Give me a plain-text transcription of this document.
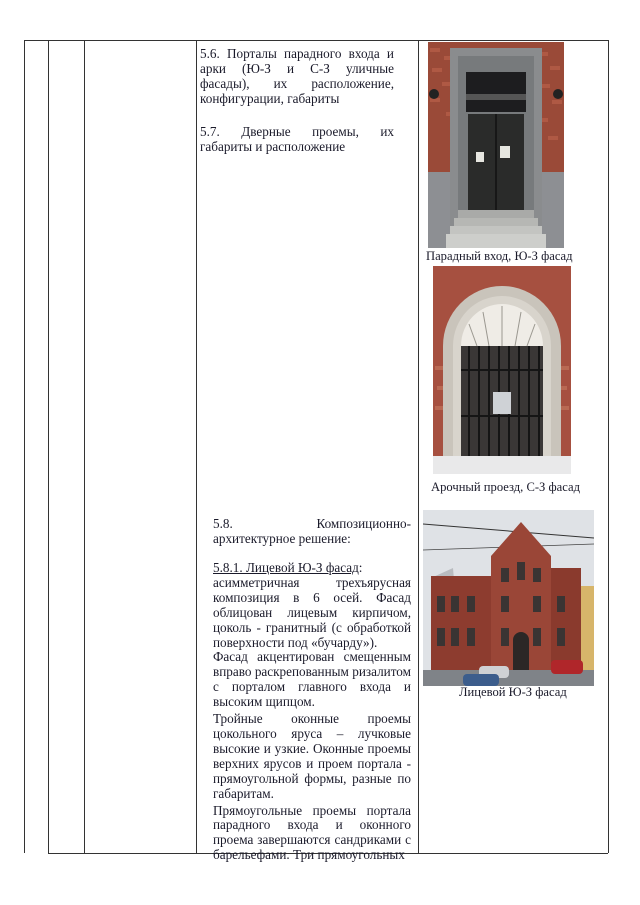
5.6. Порталы парадного входа и арки (Ю-З и С-З уличные фасады), их расположение, конфигурации, габариты
5.7. Дверные проемы, их габариты и расположение
5.8. Композиционно-архитектурное решение:
5.8.1. Лицевой Ю-З фасад:
асимметричная трехъярусная композиция в 6 осей. Фасад облицован лицевым кирпичом, цоколь - гранитный (с обработкой поверхности под «бучарду»).
Фасад акцентирован смещенным вправо раскрепованным ризалитом с порталом главного входа и высоким щипцом.
Тройные оконные проемы цокольного яруса – лучковые высокие и узкие. Оконные проемы верхних ярусов и проем портала - прямоугольной формы, разные по габаритам.
Прямоугольные проемы портала парадного входа и оконного проема завершаются сандриками с барельефами. Три прямоугольных
Парадный вход, Ю-З фасад
Арочный проезд, С-З фасад
Лицевой Ю-З фасад
